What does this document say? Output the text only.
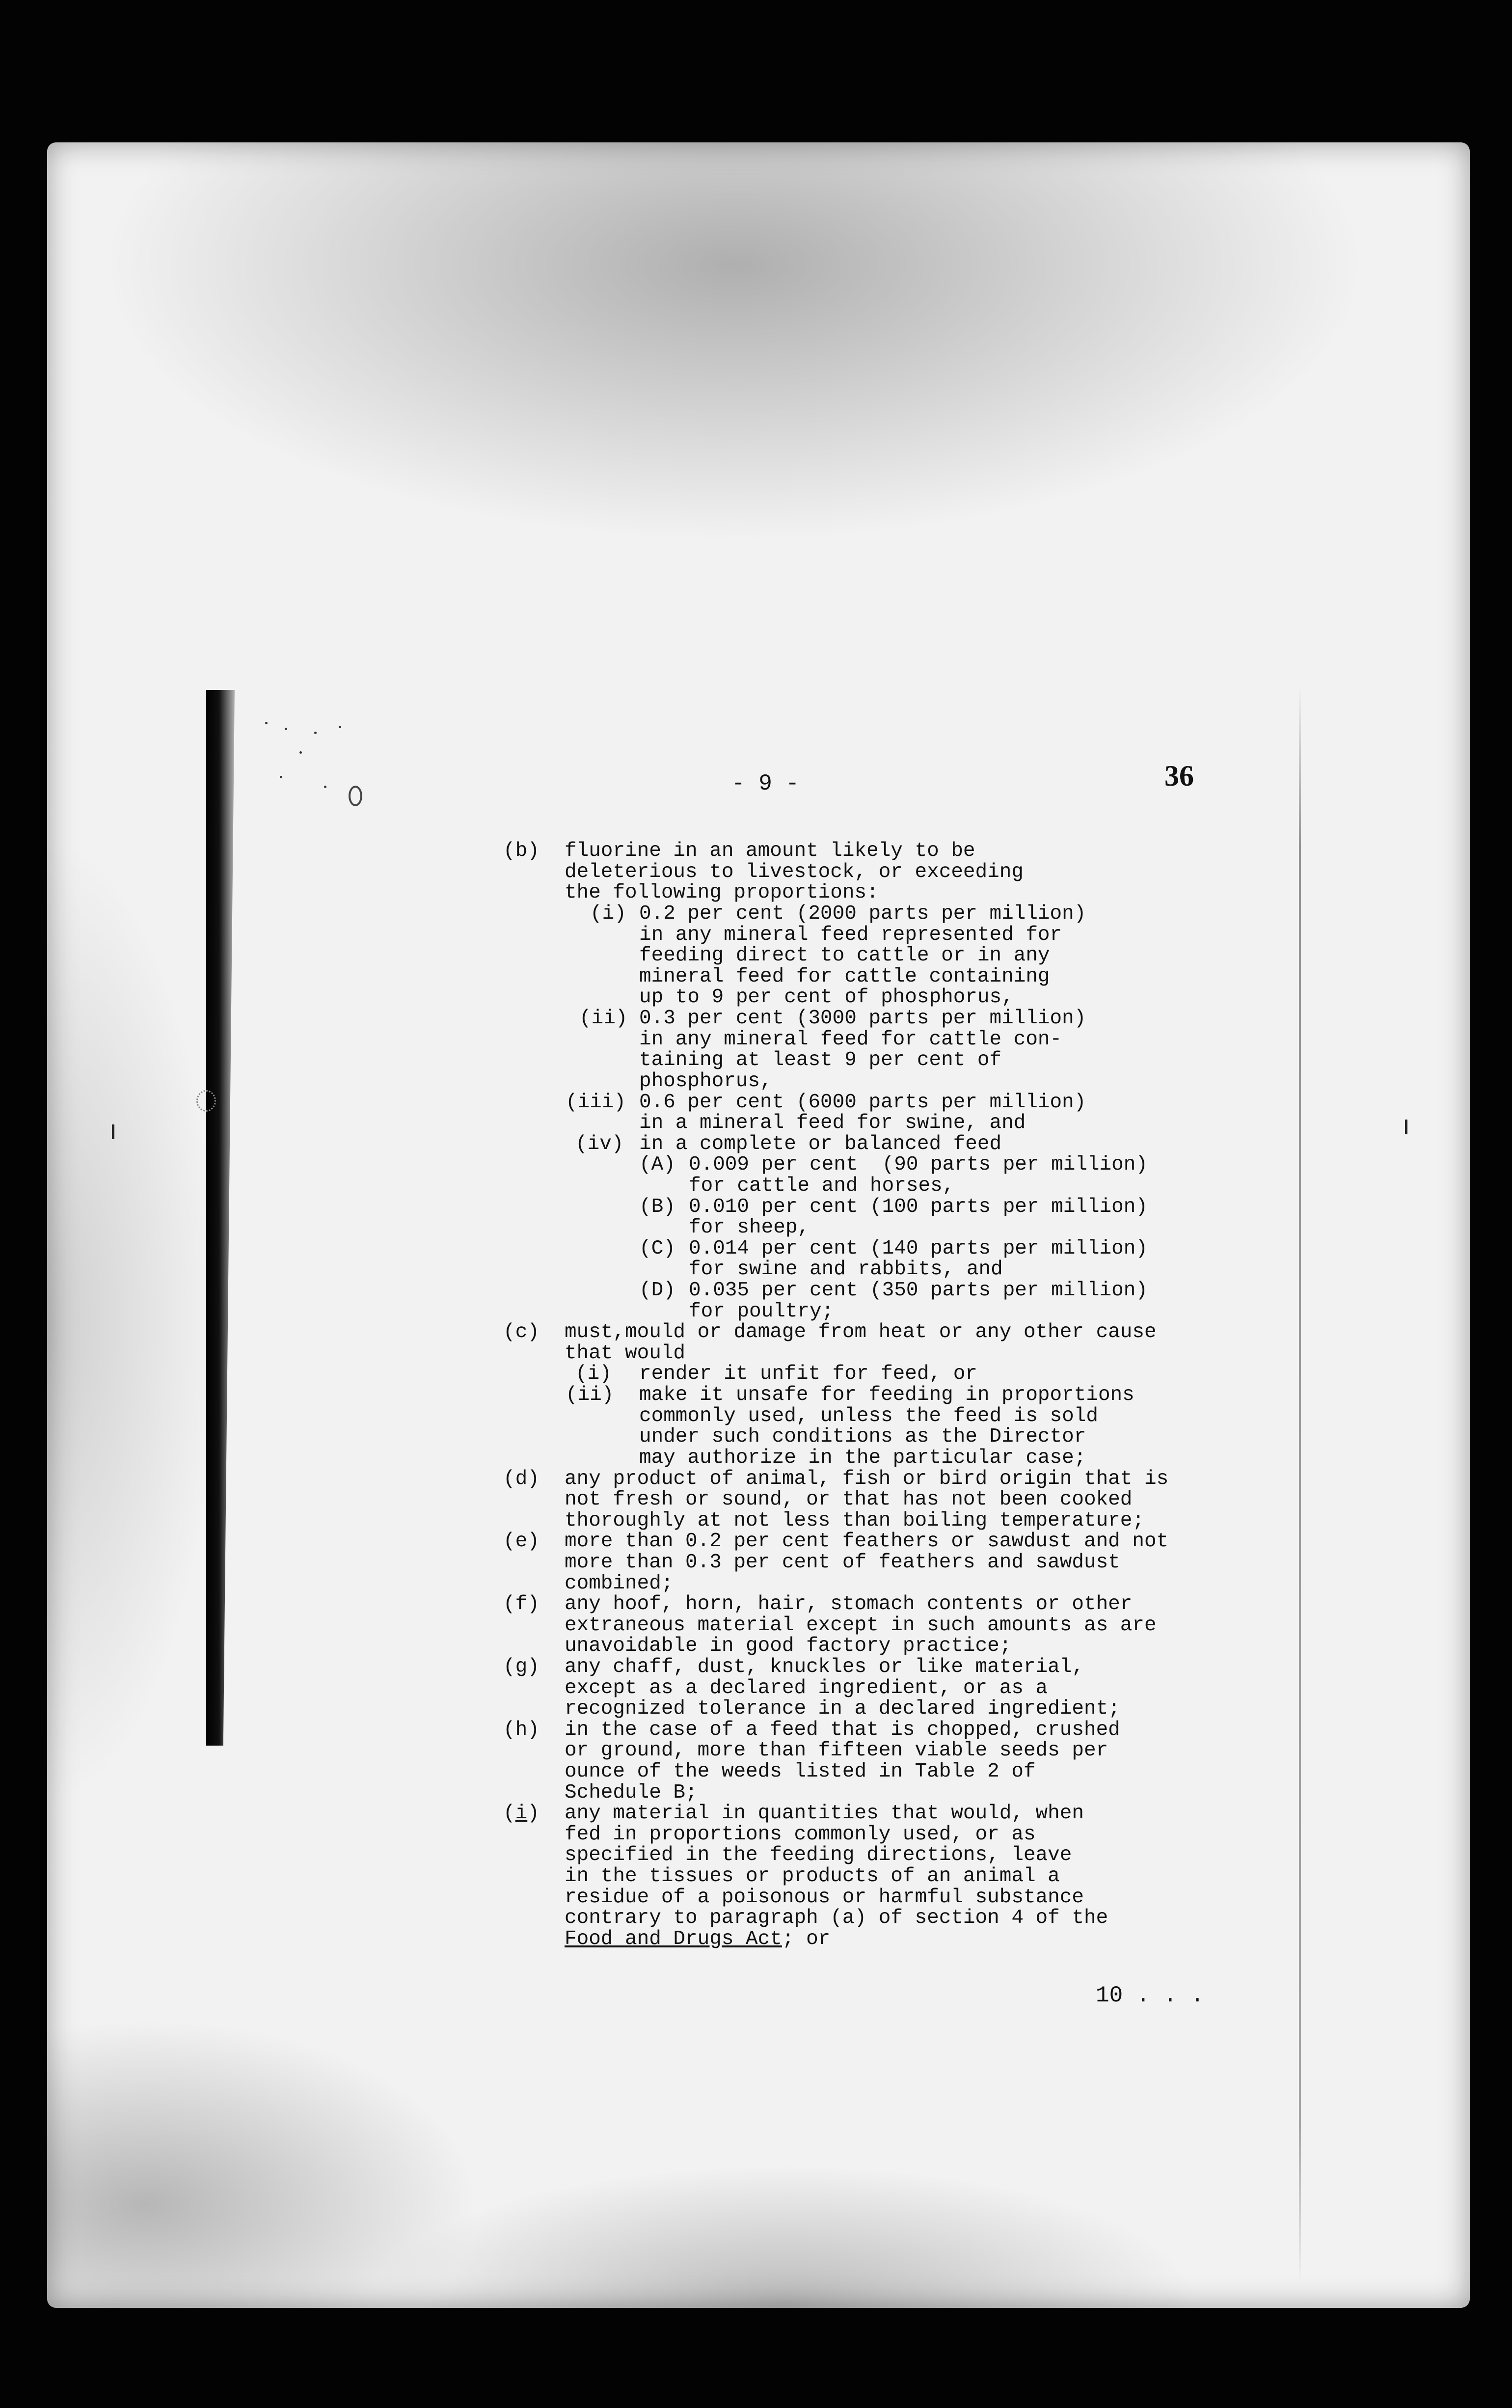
- 9 -	36
(b) fluorine in an amount likely to be
deleterious to livestock, or exceeding
the following proportions:
(i) 0.2 per cent (2000 parts per million)
in any mineral feed represented for
feeding direct to cattle or in any
mineral feed for cattle containing
up to 9 per cent of phosphorus,
(ii) 0.3 per cent (3000 parts per million)
in any mineral feed for cattle con-
taining at least 9 per cent of
phosphorus,
(iii) 0.6 per cent (6000 parts per million)
in a mineral feed for swine, and
(iv) in a complete or balanced feed
(A) 0.009 per cent  (90 parts per million)
for cattle and horses,
(B) 0.010 per cent (100 parts per million)
for sheep,
(C) 0.014 per cent (140 parts per million)
for swine and rabbits, and
(D) 0.035 per cent (350 parts per million)
for poultry;
(c) must,mould or damage from heat or any other cause
that would
(i) render it unfit for feed, or
(ii) make it unsafe for feeding in proportions
commonly used, unless the feed is sold
under such conditions as the Director
may authorize in the particular case;
(d) any product of animal, fish or bird origin that is
not fresh or sound, or that has not been cooked
thoroughly at not less than boiling temperature;
(e) more than 0.2 per cent feathers or sawdust and not
more than 0.3 per cent of feathers and sawdust
combined;
(f) any hoof, horn, hair, stomach contents or other
extraneous material except in such amounts as are
unavoidable in good factory practice;
(g) any chaff, dust, knuckles or like material,
except as a declared ingredient, or as a
recognized tolerance in a declared ingredient;
(h) in the case of a feed that is chopped, crushed
or ground, more than fifteen viable seeds per
ounce of the weeds listed in Table 2 of
Schedule B;
(i) any material in quantities that would, when
fed in proportions commonly used, or as
specified in the feeding directions, leave
in the tissues or products of an animal a
residue of a poisonous or harmful substance
contrary to paragraph (a) of section 4 of the
Food and Drugs Act; or
10 . . .
